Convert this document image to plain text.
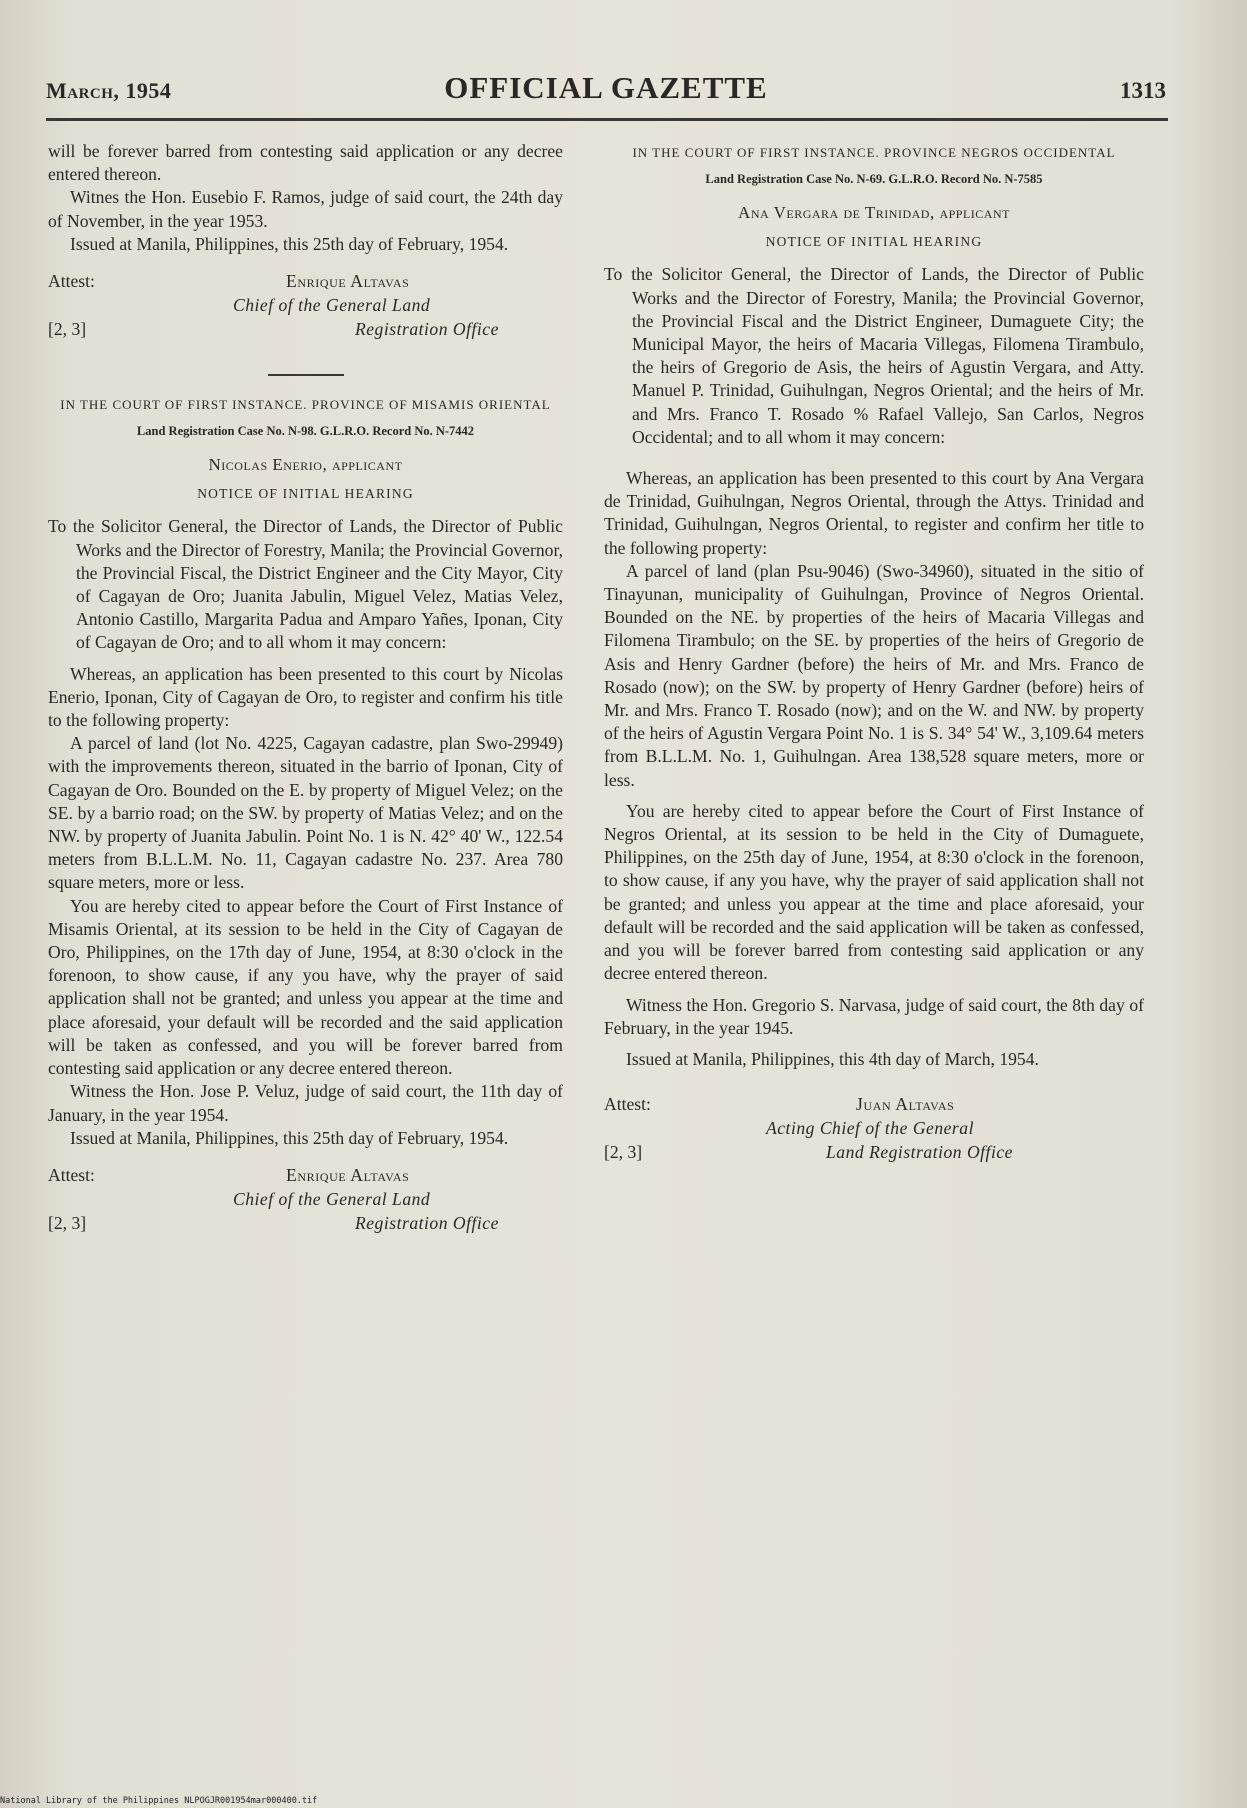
March, 1954	OFFICIAL GAZETTE	1313

will be forever barred from contesting said application or any decree entered thereon.

Witnes the Hon. Eusebio F. Ramos, judge of said court, the 24th day of November, in the year 1953.

Issued at Manila, Philippines, this 25th day of February, 1954.

Attest:
[2, 3]
Enrique Altavas
Chief of the General Land
Registration Office
IN THE COURT OF FIRST INSTANCE. PROVINCE OF MISAMIS ORIENTAL
Land Registration Case No. N-98. G.L.R.O. Record No. N-7442
Nicolas Enerio, applicant
NOTICE OF INITIAL HEARING

To the Solicitor General, the Director of Lands, the Director of Public Works and the Director of Forestry, Manila; the Provincial Governor, the Provincial Fiscal, the District Engineer and the City Mayor, City of Cagayan de Oro; Juanita Jabulin, Miguel Velez, Matias Velez, Antonio Castillo, Margarita Padua and Amparo Yañes, Iponan, City of Cagayan de Oro; and to all whom it may concern:

Whereas, an application has been presented to this court by Nicolas Enerio, Iponan, City of Cagayan de Oro, to register and confirm his title to the following property:

A parcel of land (lot No. 4225, Cagayan cadastre, plan Swo-29949) with the improvements thereon, situated in the barrio of Iponan, City of Cagayan de Oro. Bounded on the E. by property of Miguel Velez; on the SE. by a barrio road; on the SW. by property of Matias Velez; and on the NW. by property of Juanita Jabulin. Point No. 1 is N. 42° 40' W., 122.54 meters from B.L.L.M. No. 11, Cagayan cadastre No. 237. Area 780 square meters, more or less.

You are hereby cited to appear before the Court of First Instance of Misamis Oriental, at its session to be held in the City of Cagayan de Oro, Philippines, on the 17th day of June, 1954, at 8:30 o'clock in the forenoon, to show cause, if any you have, why the prayer of said application shall not be granted; and unless you appear at the time and place aforesaid, your default will be recorded and the said application will be taken as confessed, and you will be forever barred from contesting said application or any decree entered thereon.

Witness the Hon. Jose P. Veluz, judge of said court, the 11th day of January, in the year 1954.

Issued at Manila, Philippines, this 25th day of February, 1954.

Attest:
[2, 3]
Enrique Altavas
Chief of the General Land
Registration Office
IN THE COURT OF FIRST INSTANCE. PROVINCE NEGROS OCCIDENTAL
Land Registration Case No. N-69. G.L.R.O. Record No. N-7585
Ana Vergara de Trinidad, applicant
NOTICE OF INITIAL HEARING

To the Solicitor General, the Director of Lands, the Director of Public Works and the Director of Forestry, Manila; the Provincial Governor, the Provincial Fiscal and the District Engineer, Dumaguete City; the Municipal Mayor, the heirs of Macaria Villegas, Filomena Tirambulo, the heirs of Gregorio de Asis, the heirs of Agustin Vergara, and Atty. Manuel P. Trinidad, Guihulngan, Negros Oriental; and the heirs of Mr. and Mrs. Franco T. Rosado % Rafael Vallejo, San Carlos, Negros Occidental; and to all whom it may concern:

Whereas, an application has been presented to this court by Ana Vergara de Trinidad, Guihulngan, Negros Oriental, through the Attys. Trinidad and Trinidad, Guihulngan, Negros Oriental, to register and confirm her title to the following property:

A parcel of land (plan Psu-9046) (Swo-34960), situated in the sitio of Tinayunan, municipality of Guihulngan, Province of Negros Oriental. Bounded on the NE. by properties of the heirs of Macaria Villegas and Filomena Tirambulo; on the SE. by properties of the heirs of Gregorio de Asis and Henry Gardner (before) the heirs of Mr. and Mrs. Franco de Rosado (now); on the SW. by property of Henry Gardner (before) heirs of Mr. and Mrs. Franco T. Rosado (now); and on the W. and NW. by property of the heirs of Agustin Vergara Point No. 1 is S. 34° 54' W., 3,109.64 meters from B.L.L.M. No. 1, Guihulngan. Area 138,528 square meters, more or less.

You are hereby cited to appear before the Court of First Instance of Negros Oriental, at its session to be held in the City of Dumaguete, Philippines, on the 25th day of June, 1954, at 8:30 o'clock in the forenoon, to show cause, if any you have, why the prayer of said application shall not be granted; and unless you appear at the time and place aforesaid, your default will be recorded and the said application will be taken as confessed, and you will be forever barred from contesting said application or any decree entered thereon.

Witness the Hon. Gregorio S. Narvasa, judge of said court, the 8th day of February, in the year 1945.

Issued at Manila, Philippines, this 4th day of March, 1954.

Attest:
[2, 3]
Juan Altavas
Acting Chief of the General
Land Registration Office
National Library of the Philippines NLPOGJR001954mar000400.tif
